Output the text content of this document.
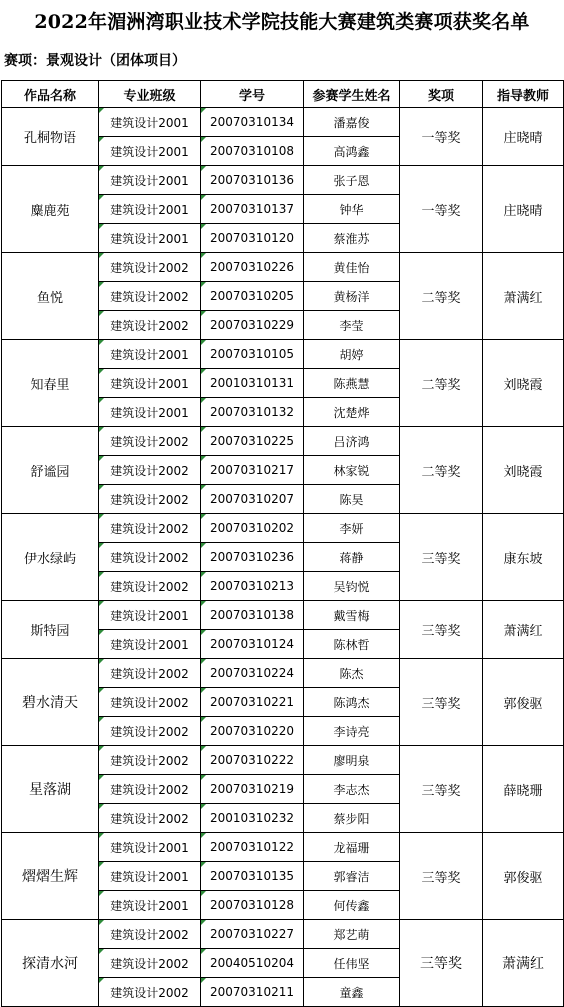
2022年湄洲湾职业技术学院技能大赛建筑类赛项获奖名单
赛项：景观设计（团体项目）
作品名称	专业班级	学号	参赛学生姓名	奖项	指导教师
孔桐物语	建筑设计2001	20070310134	潘嘉俊	一等奖	庄晓晴
	建筑设计2001	20070310108	高鸿鑫		
麋鹿苑	建筑设计2001	20070310136	张子恩	一等奖	庄晓晴
	建筑设计2001	20070310137	钟华		
	建筑设计2001	20070310120	蔡淮苏		
鱼悦	建筑设计2002	20070310226	黄佳怡	二等奖	萧满红
	建筑设计2002	20070310205	黄杨洋		
	建筑设计2002	20070310229	李莹		
知春里	建筑设计2001	20070310105	胡婷	二等奖	刘晓霞
	建筑设计2001	20010310131	陈燕慧		
	建筑设计2001	20070310132	沈楚烨		
舒谧园	建筑设计2002	20070310225	吕济鸿	二等奖	刘晓霞
	建筑设计2002	20070310217	林家锐		
	建筑设计2002	20070310207	陈昊		
伊水绿屿	建筑设计2002	20070310202	李妍	三等奖	康东坡
	建筑设计2002	20070310236	蒋静		
	建筑设计2002	20070310213	吴钧悦		
斯特园	建筑设计2001	20070310138	戴雪梅	三等奖	萧满红
	建筑设计2001	20070310124	陈林哲		
碧水清天	建筑设计2002	20070310224	陈杰	三等奖	郭俊驱
	建筑设计2002	20070310221	陈鸿杰		
	建筑设计2002	20070310220	李诗亮		
星落湖	建筑设计2002	20070310222	廖明泉	三等奖	薛晓珊
	建筑设计2002	20070310219	李志杰		
	建筑设计2002	20010310232	蔡步阳		
熠熠生辉	建筑设计2001	20070310122	龙福珊	三等奖	郭俊驱
	建筑设计2001	20070310135	郭睿洁		
	建筑设计2001	20070310128	何传鑫		
探清水河	建筑设计2002	20070310227	郑艺萌	三等奖	萧满红
	建筑设计2002	20040510204	任伟坚		
	建筑设计2002	20070310211	童鑫		
